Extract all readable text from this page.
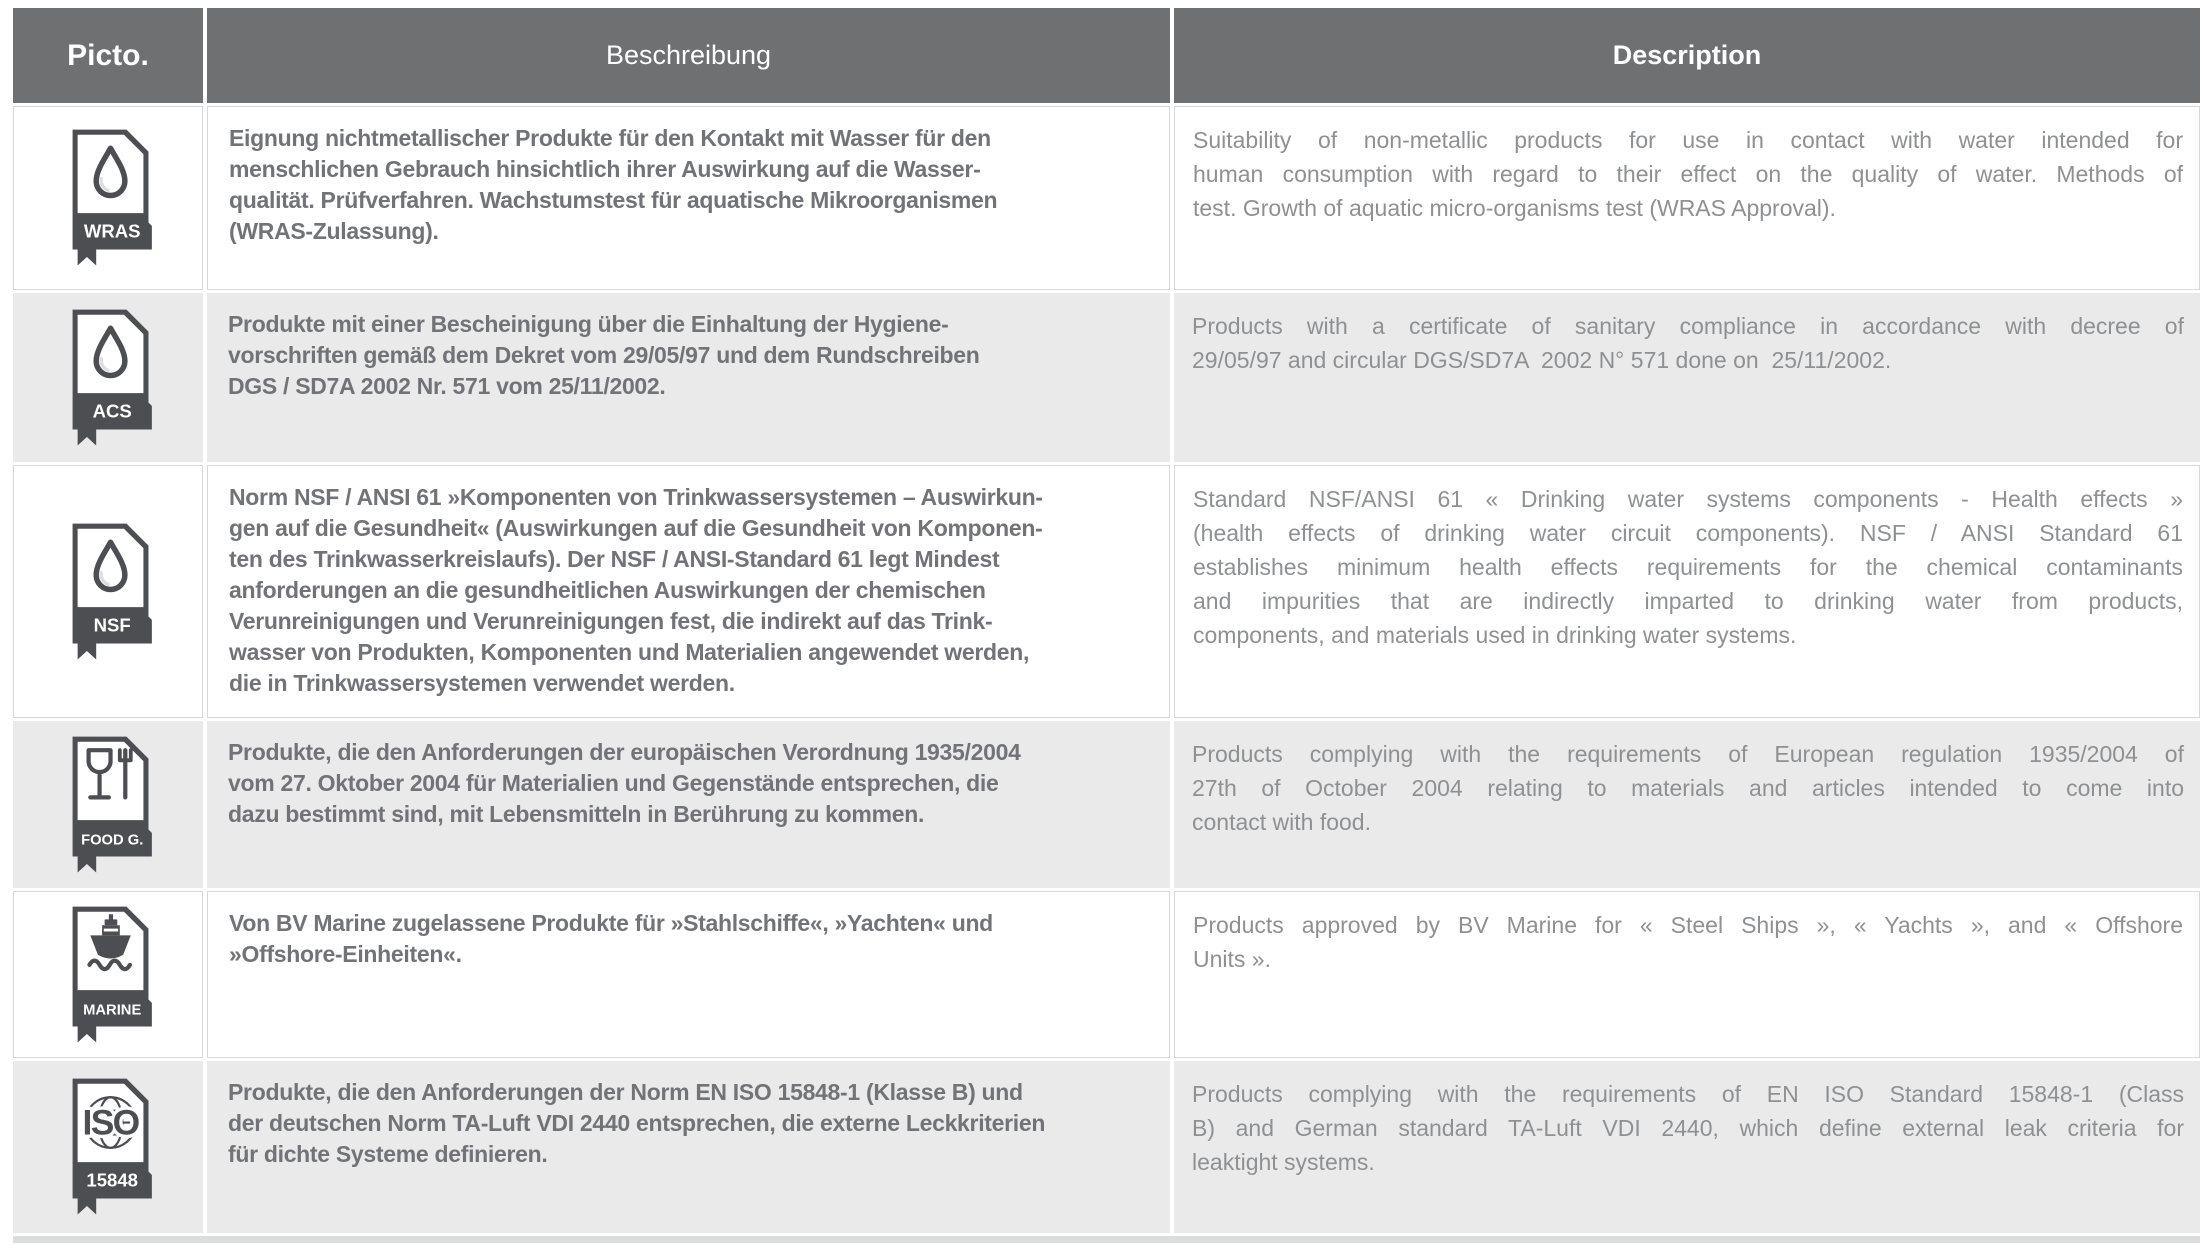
Picto.	Beschreibung	Description
WRAS
Eignung nichtmetallischer Produkte für den Kontakt mit Wasser für den
menschlichen Gebrauch hinsichtlich ihrer Auswirkung auf die Wasser-
qualität. Prüfverfahren. Wachstumstest für aquatische Mikroorganismen
(WRAS-Zulassung).
Suitability of non-metallic products for use in contact with water intended for
human consumption with regard to their effect on the quality of water. Methods of
test. Growth of aquatic micro-organisms test (WRAS Approval).
ACS
Produkte mit einer Bescheinigung über die Einhaltung der Hygiene-
vorschriften gemäß dem Dekret vom 29/05/97 und dem Rundschreiben
DGS / SD7A 2002 Nr. 571 vom 25/11/2002.
Products with a certificate of sanitary compliance in accordance with decree of
29/05/97 and circular DGS/SD7A  2002 N° 571 done on  25/11/2002.
NSF
Norm NSF / ANSI 61 »Komponenten von Trinkwassersystemen – Auswirkun-
gen auf die Gesundheit« (Auswirkungen auf die Gesundheit von Komponen-
ten des Trinkwasserkreislaufs). Der NSF / ANSI-Standard 61 legt Mindest
anforderungen an die gesundheitlichen Auswirkungen der chemischen
Verunreinigungen und Verunreinigungen fest, die indirekt auf das Trink-
wasser von Produkten, Komponenten und Materialien angewendet werden,
die in Trinkwassersystemen verwendet werden.
Standard NSF/ANSI 61 « Drinking water systems components - Health effects »
(health effects of drinking water circuit components). NSF / ANSI Standard 61
establishes minimum health effects requirements for the chemical contaminants
and impurities that are indirectly imparted to drinking water from products,
components, and materials used in drinking water systems.
FOOD G.
Produkte, die den Anforderungen der europäischen Verordnung 1935/2004
vom 27. Oktober 2004 für Materialien und Gegenstände entsprechen, die
dazu bestimmt sind, mit Lebensmitteln in Berührung zu kommen.
Products complying with the requirements of European regulation 1935/2004 of
27th of October 2004 relating to materials and articles intended to come into
contact with food.
MARINE
Von BV Marine zugelassene Produkte für »Stahlschiffe«, »Yachten« und
»Offshore-Einheiten«.
Products approved by BV Marine for « Steel Ships », « Yachts », and « Offshore
Units ».
ISO
15848
Produkte, die den Anforderungen der Norm EN ISO 15848-1 (Klasse B) und
der deutschen Norm TA-Luft VDI 2440 entsprechen, die externe Leckkriterien
für dichte Systeme definieren.
Products complying with the requirements of EN ISO Standard 15848-1 (Class
B) and German standard TA-Luft VDI 2440, which define external leak criteria for
leaktight systems.
